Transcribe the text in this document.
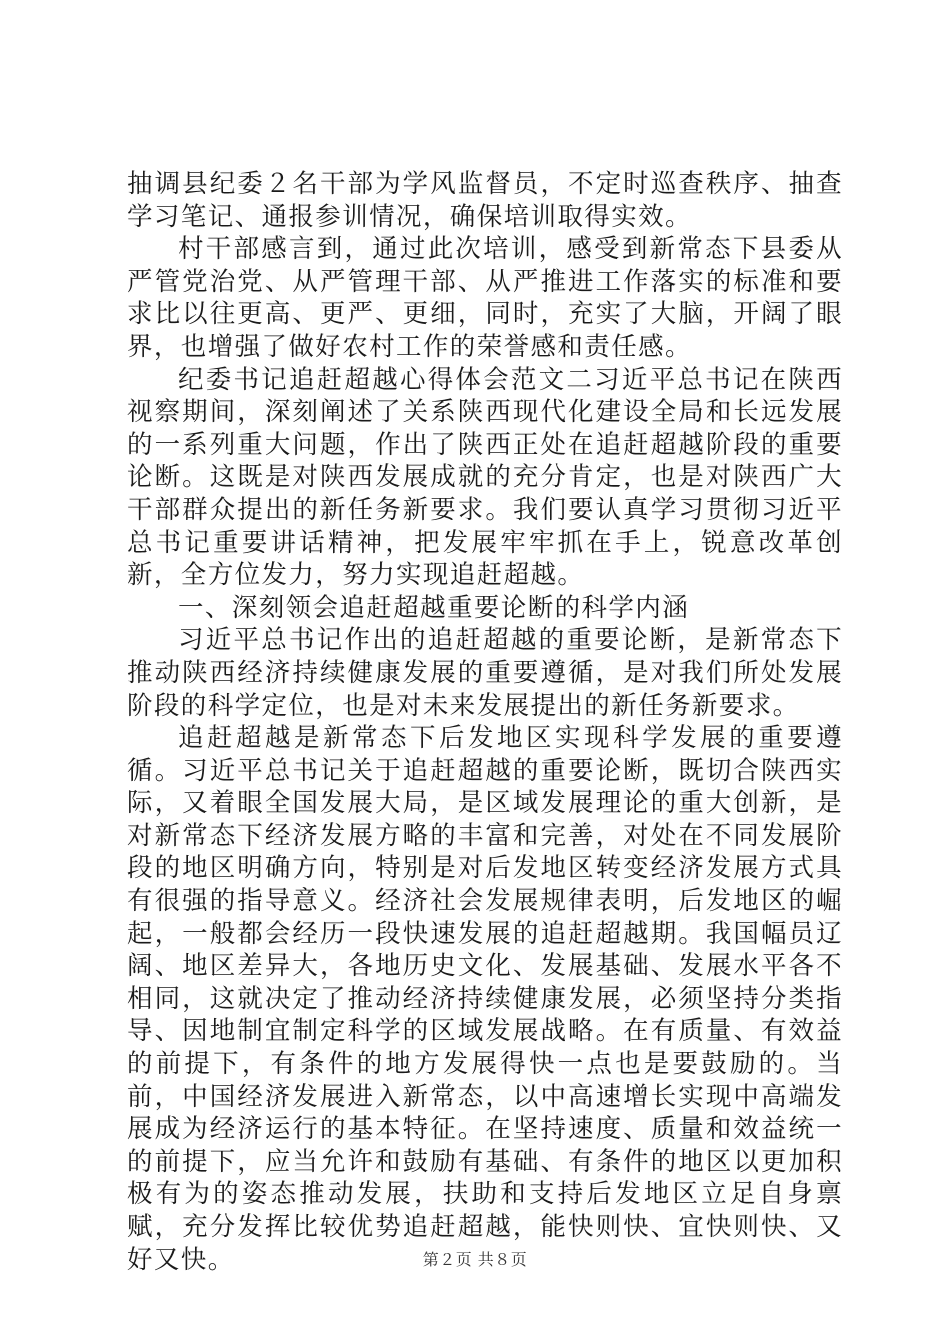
抽调县纪委２名干部为学风监督员，不定时巡查秩序、抽查学习笔记、通报参训情况，确保培训取得实效。

村干部感言到，通过此次培训，感受到新常态下县委从严管党治党、从严管理干部、从严推进工作落实的标准和要求比以往更高、更严、更细，同时，充实了大脑，开阔了眼界，也增强了做好农村工作的荣誉感和责任感。

纪委书记追赶超越心得体会范文二习近平总书记在陕西视察期间，深刻阐述了关系陕西现代化建设全局和长远发展的一系列重大问题，作出了陕西正处在追赶超越阶段的重要论断。这既是对陕西发展成就的充分肯定，也是对陕西广大干部群众提出的新任务新要求。我们要认真学习贯彻习近平总书记重要讲话精神，把发展牢牢抓在手上，锐意改革创新，全方位发力，努力实现追赶超越。

一、深刻领会追赶超越重要论断的科学内涵

习近平总书记作出的追赶超越的重要论断，是新常态下推动陕西经济持续健康发展的重要遵循，是对我们所处发展阶段的科学定位，也是对未来发展提出的新任务新要求。

追赶超越是新常态下后发地区实现科学发展的重要遵循。习近平总书记关于追赶超越的重要论断，既切合陕西实际，又着眼全国发展大局，是区域发展理论的重大创新，是对新常态下经济发展方略的丰富和完善，对处在不同发展阶段的地区明确方向，特别是对后发地区转变经济发展方式具有很强的指导意义。经济社会发展规律表明，后发地区的崛起，一般都会经历一段快速发展的追赶超越期。我国幅员辽阔、地区差异大，各地历史文化、发展基础、发展水平各不相同，这就决定了推动经济持续健康发展，必须坚持分类指导、因地制宜制定科学的区域发展战略。在有质量、有效益的前提下，有条件的地方发展得快一点也是要鼓励的。当前，中国经济发展进入新常态，以中高速增长实现中高端发展成为经济运行的基本特征。在坚持速度、质量和效益统一的前提下，应当允许和鼓励有基础、有条件的地区以更加积极有为的姿态推动发展，扶助和支持后发地区立足自身禀赋，充分发挥比较优势追赶超越，能快则快、宜快则快、又好又快。	第２页 共８页
